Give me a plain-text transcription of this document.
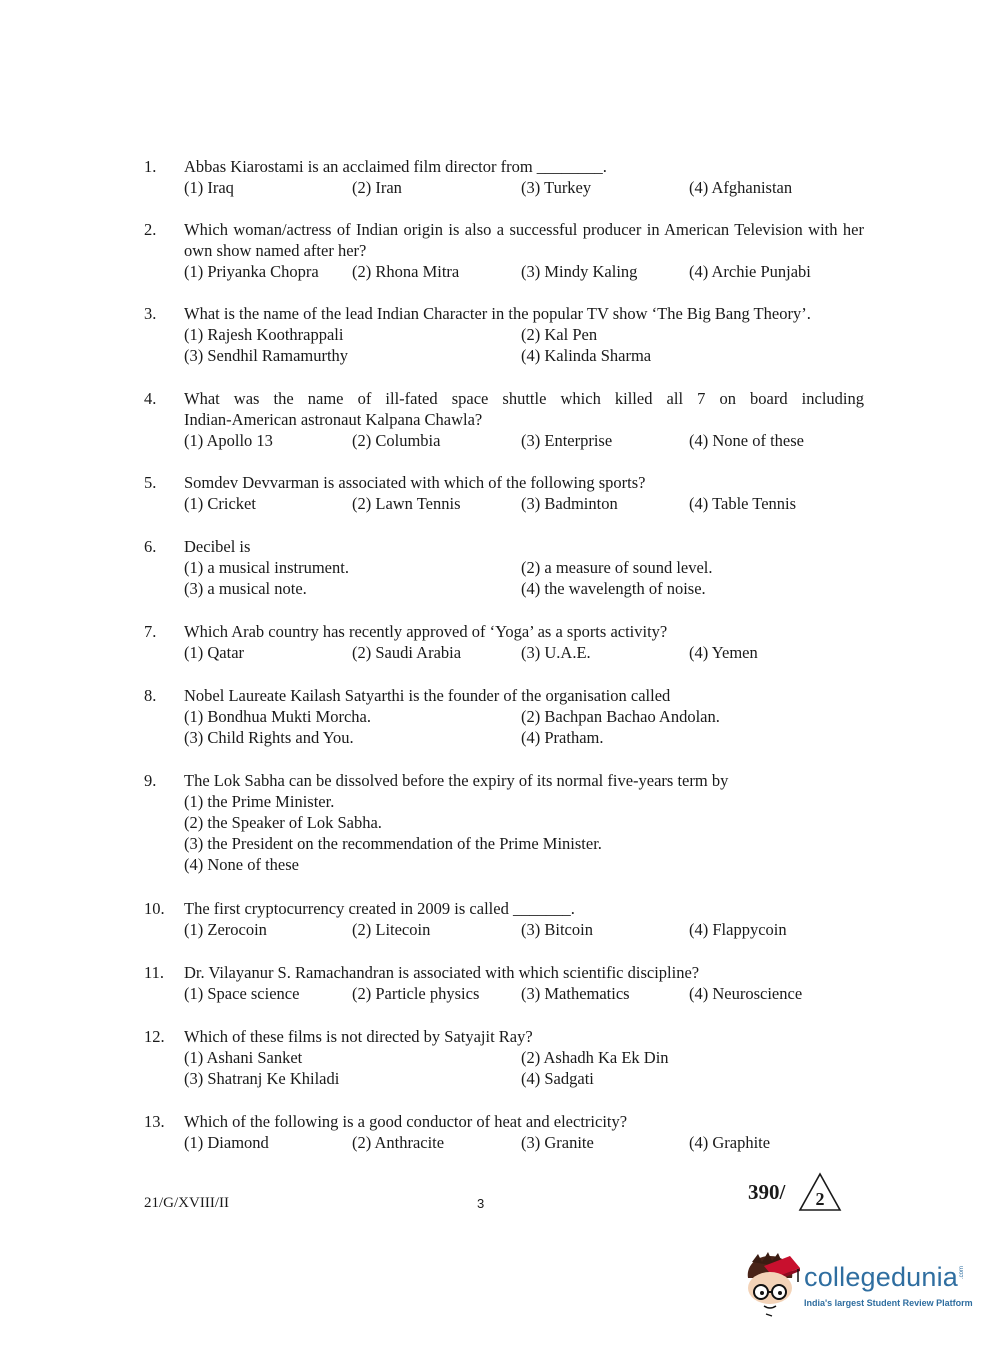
1.	Abbas Kiarostami is an acclaimed film director from ________.
(1) Iraq	(2) Iran	(3) Turkey	(4) Afghanistan
2.	Which woman/actress of Indian origin is also a successful producer in American Television with her own show named after her?
(1) Priyanka Chopra (2) Rhona Mitra	(3) Mindy Kaling	(4) Archie Punjabi
3.	What is the name of the lead Indian Character in the popular TV show ‘The Big Bang Theory’.
(1) Rajesh Koothrappali	(2) Kal Pen
(3) Sendhil Ramamurthy	(4) Kalinda Sharma
4.	What was the name of ill-fated space shuttle which killed all 7 on board including
Indian-American astronaut Kalpana Chawla?
(1) Apollo 13	(2) Columbia	(3) Enterprise	(4) None of these
5.	Somdev Devvarman is associated with which of the following sports?
(1) Cricket	(2) Lawn Tennis	(3) Badminton	(4) Table Tennis
6.	Decibel is
(1) a musical instrument.	(2) a measure of sound level.
(3) a musical note.	(4) the wavelength of noise.
7.	Which Arab country has recently approved of ‘Yoga’ as a sports activity?
(1) Qatar	(2) Saudi Arabia	(3) U.A.E.	(4) Yemen
8.	Nobel Laureate Kailash Satyarthi is the founder of the organisation called
(1) Bondhua Mukti Morcha.	(2) Bachpan Bachao Andolan.
(3) Child Rights and You.	(4) Pratham.
9.	The Lok Sabha can be dissolved before the expiry of its normal five-years term by
(1) the Prime Minister.
(2) the Speaker of Lok Sabha.
(3) the President on the recommendation of the Prime Minister.
(4) None of these
10.	The first cryptocurrency created in 2009 is called _______.
(1) Zerocoin	(2) Litecoin	(3) Bitcoin	(4) Flappycoin
11.	Dr. Vilayanur S. Ramachandran is associated with which scientific discipline?
(1) Space science	(2) Particle physics	(3) Mathematics	(4) Neuroscience
12.	Which of these films is not directed by Satyajit Ray?
(1) Ashani Sanket	(2) Ashadh Ka Ek Din
(3) Shatranj Ke Khiladi	(4) Sadgati
13.	Which of the following is a good conductor of heat and electricity?
(1) Diamond	(2) Anthracite	(3) Granite	(4) Graphite
21/G/XVIII/II	3	390/ 2
collegedunia .com
India's largest Student Review Platform
